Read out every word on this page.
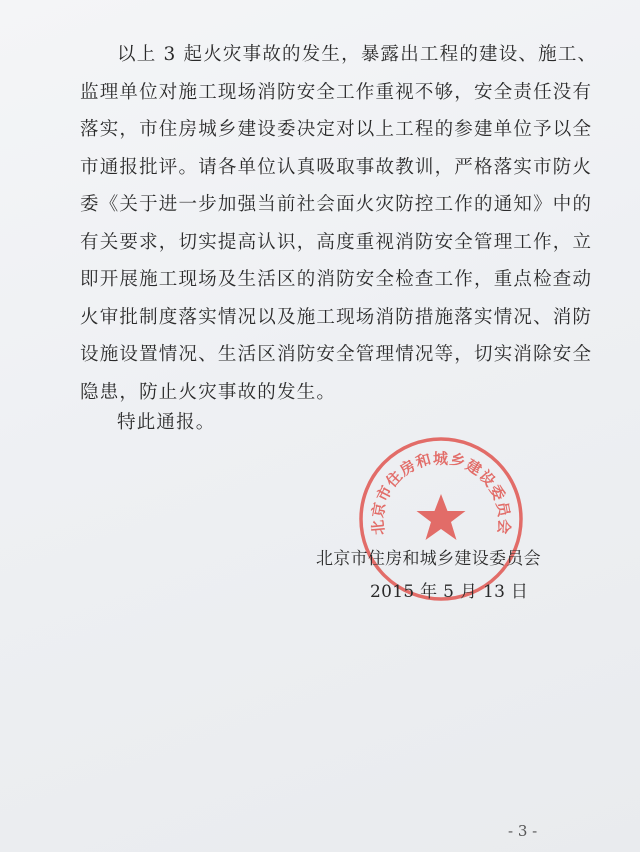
以上 3 起火灾事故的发生，暴露出工程的建设、施工、
监理单位对施工现场消防安全工作重视不够，安全责任没有
落实，市住房城乡建设委决定对以上工程的参建单位予以全
市通报批评。请各单位认真吸取事故教训，严格落实市防火
委《关于进一步加强当前社会面火灾防控工作的通知》中的
有关要求，切实提高认识，高度重视消防安全管理工作，立
即开展施工现场及生活区的消防安全检查工作，重点检查动
火审批制度落实情况以及施工现场消防措施落实情况、消防
设施设置情况、生活区消防安全管理情况等，切实消除安全
隐患，防止火灾事故的发生。
特此通报。
北京市住房和城乡建设委员会
北京市住房和城乡建设委员会
2015 年 5 月 13 日
- 3 -
